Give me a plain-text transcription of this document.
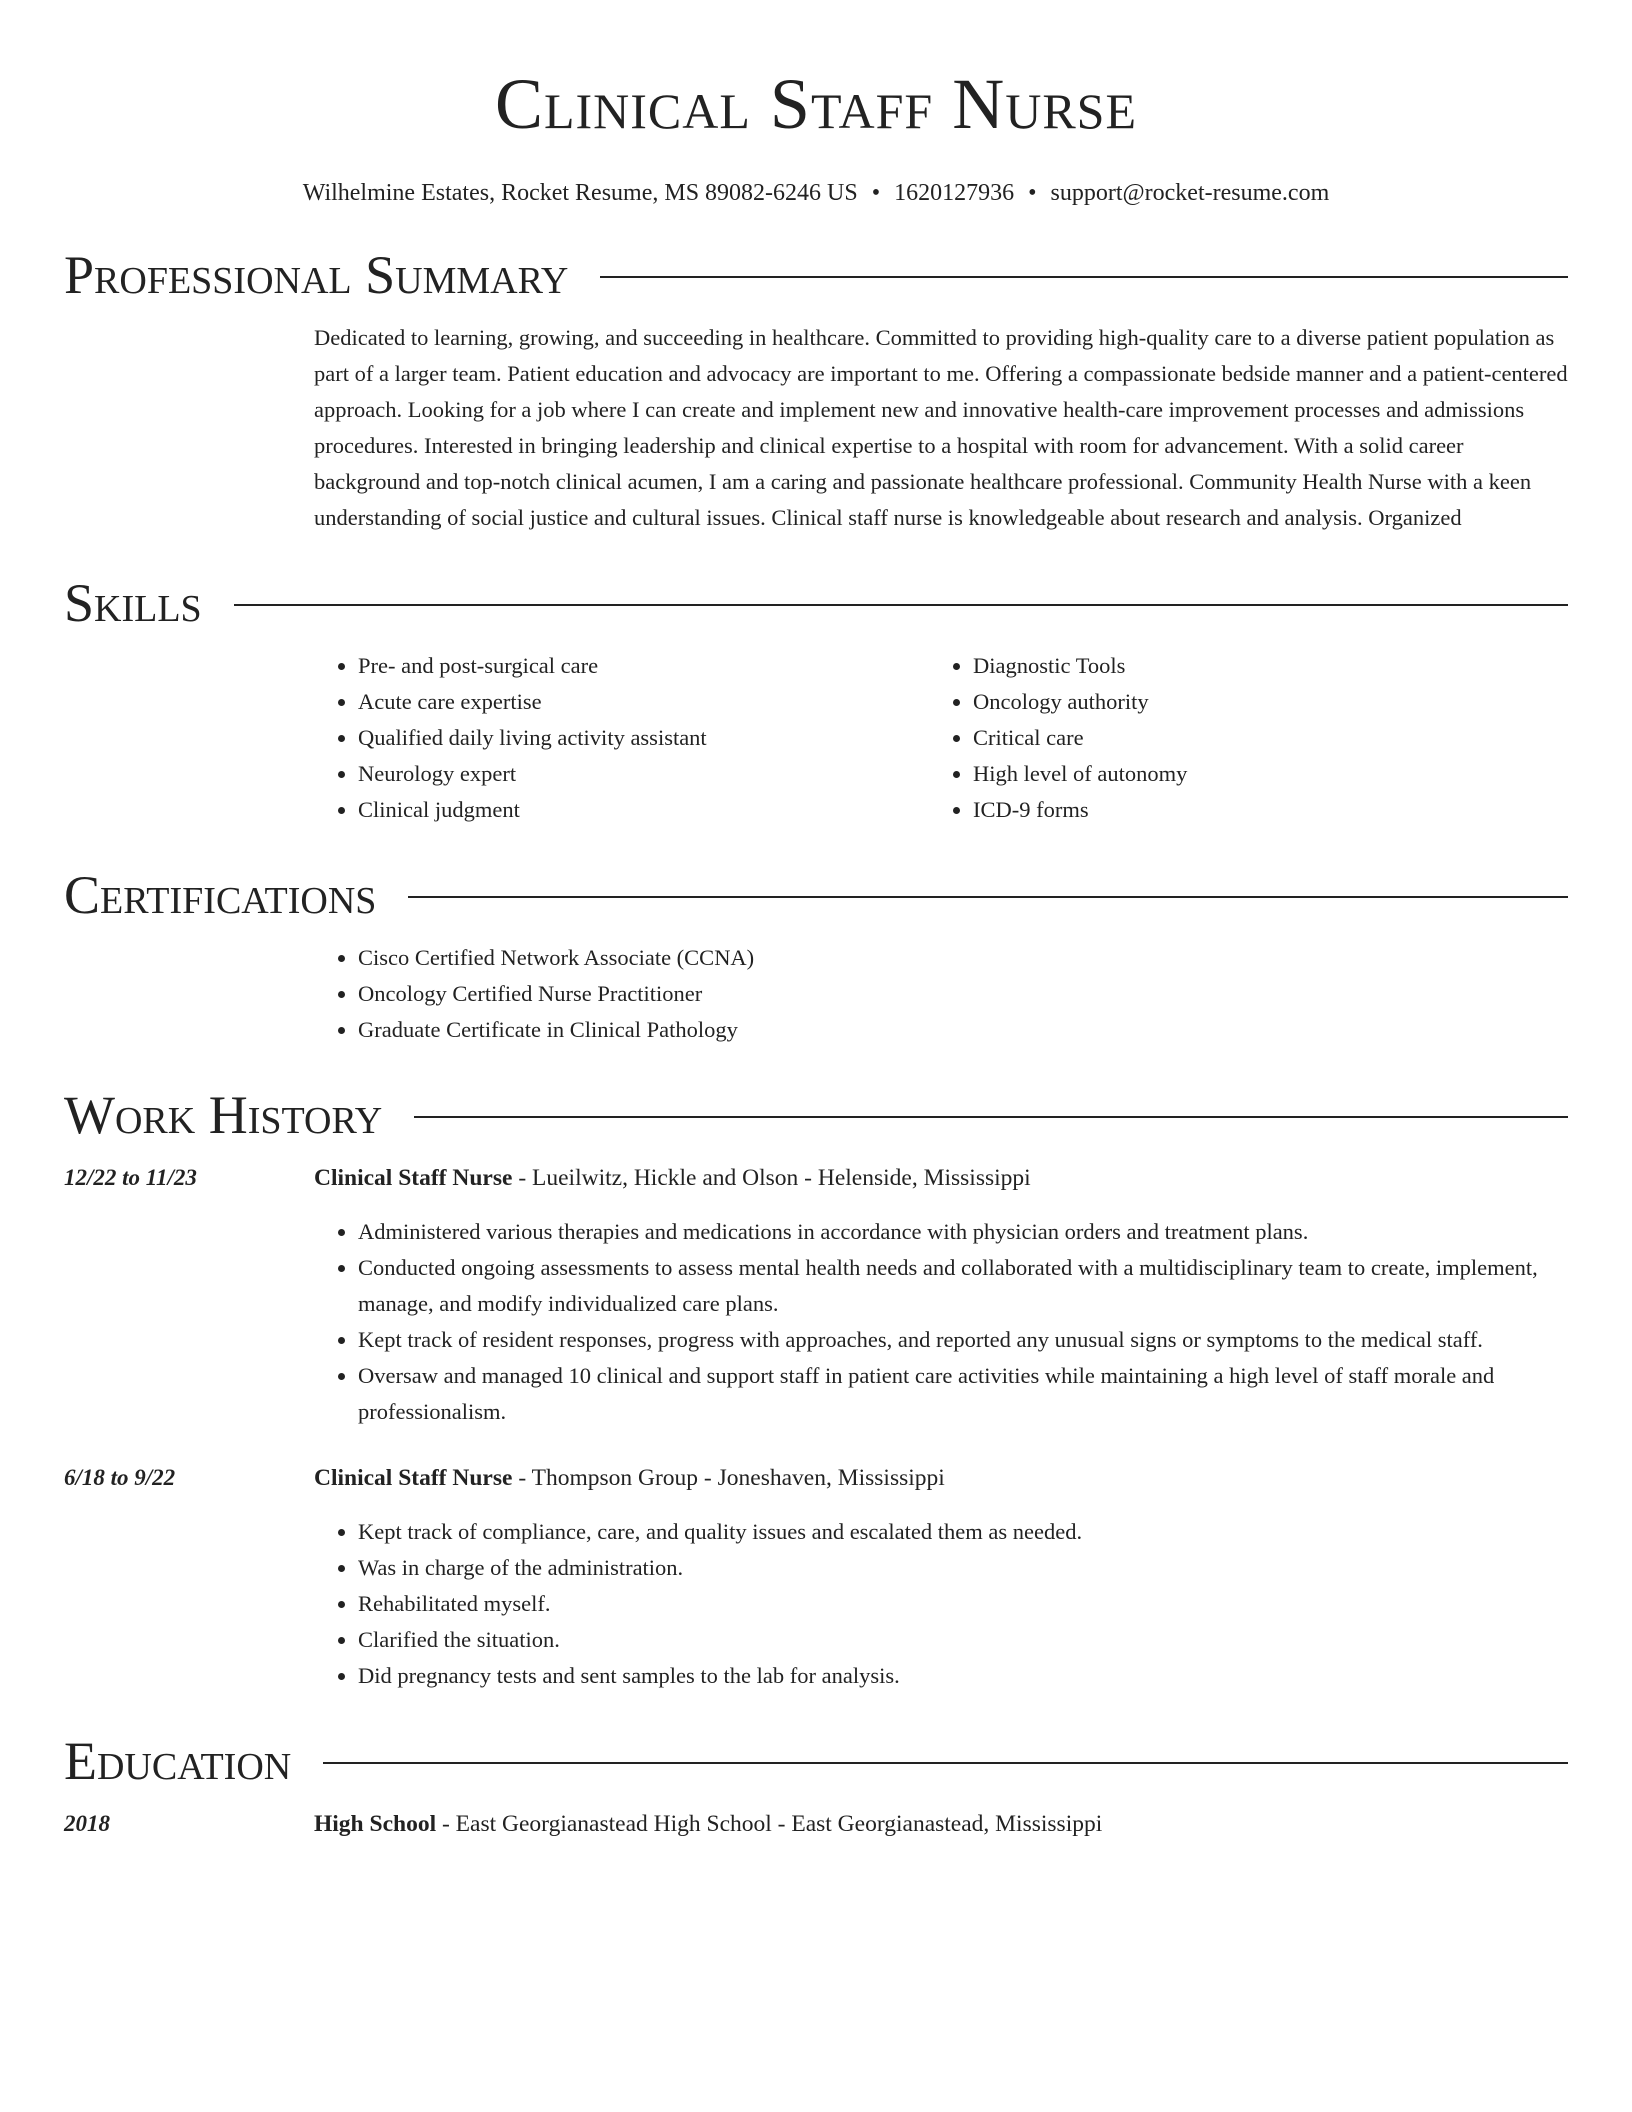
Clinical Staff Nurse
Wilhelmine Estates, Rocket Resume, MS 89082-6246 US • 1620127936 • support@rocket-resume.com
Professional Summary
Dedicated to learning, growing, and succeeding in healthcare. Committed to providing high-quality care to a diverse patient population as part of a larger team. Patient education and advocacy are important to me. Offering a compassionate bedside manner and a patient-centered approach. Looking for a job where I can create and implement new and innovative health-care improvement processes and admissions procedures. Interested in bringing leadership and clinical expertise to a hospital with room for advancement. With a solid career background and top-notch clinical acumen, I am a caring and passionate healthcare professional. Community Health Nurse with a keen understanding of social justice and cultural issues. Clinical staff nurse is knowledgeable about research and analysis. Organized
Skills
• Pre- and post-surgical care
• Acute care expertise
• Qualified daily living activity assistant
• Neurology expert
• Clinical judgment
• Diagnostic Tools
• Oncology authority
• Critical care
• High level of autonomy
• ICD-9 forms
Certifications
• Cisco Certified Network Associate (CCNA)
• Oncology Certified Nurse Practitioner
• Graduate Certificate in Clinical Pathology
Work History
12/22 to 11/23	Clinical Staff Nurse - Lueilwitz, Hickle and Olson - Helenside, Mississippi
• Administered various therapies and medications in accordance with physician orders and treatment plans.
• Conducted ongoing assessments to assess mental health needs and collaborated with a multidisciplinary team to create, implement, manage, and modify individualized care plans.
• Kept track of resident responses, progress with approaches, and reported any unusual signs or symptoms to the medical staff.
• Oversaw and managed 10 clinical and support staff in patient care activities while maintaining a high level of staff morale and professionalism.
6/18 to 9/22	Clinical Staff Nurse - Thompson Group - Joneshaven, Mississippi
• Kept track of compliance, care, and quality issues and escalated them as needed.
• Was in charge of the administration.
• Rehabilitated myself.
• Clarified the situation.
• Did pregnancy tests and sent samples to the lab for analysis.
Education
2018	High School - East Georgianastead High School - East Georgianastead, Mississippi
